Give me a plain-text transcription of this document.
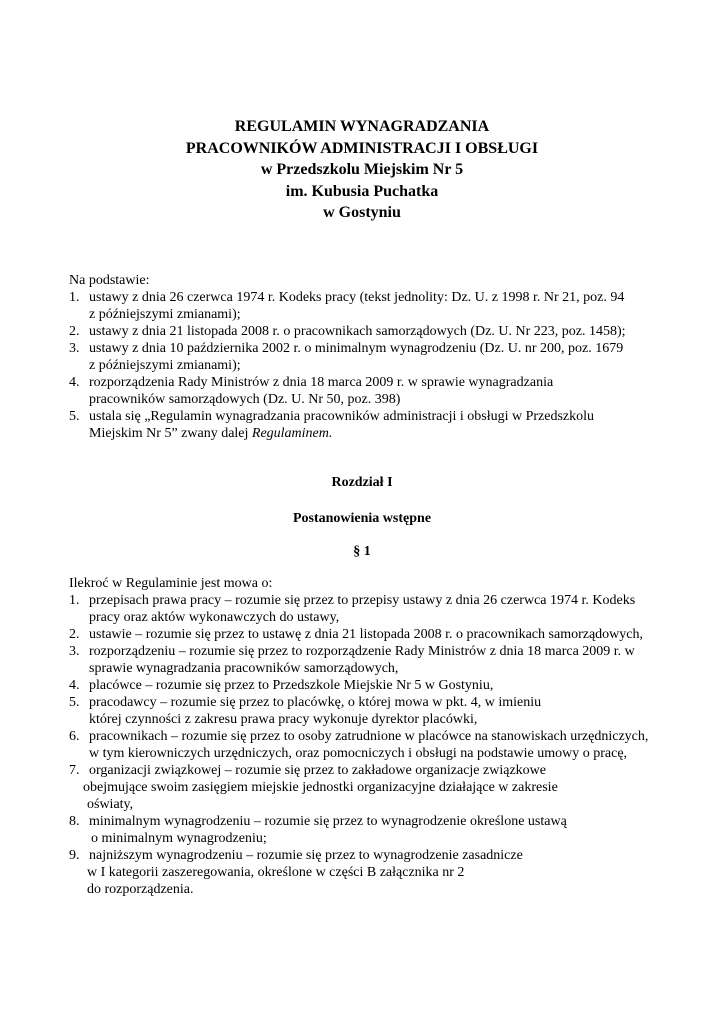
REGULAMIN WYNAGRADZANIA
PRACOWNIKÓW ADMINISTRACJI I OBSŁUGI
w Przedszkolu Miejskim Nr 5
im. Kubusia Puchatka
w Gostyniu
Na podstawie:
1. ustawy z dnia 26 czerwca 1974 r. Kodeks pracy (tekst jednolity: Dz. U. z 1998 r. Nr 21, poz. 94
z późniejszymi zmianami);
2. ustawy z dnia 21 listopada 2008 r. o pracownikach samorządowych (Dz. U. Nr 223, poz. 1458);
3. ustawy z dnia 10 października 2002 r. o minimalnym wynagrodzeniu (Dz. U. nr 200, poz. 1679
z późniejszymi zmianami);
4. rozporządzenia Rady Ministrów z dnia 18 marca 2009 r. w sprawie wynagradzania
pracowników samorządowych (Dz. U. Nr 50, poz. 398)
5. ustala się „Regulamin wynagradzania pracowników administracji i obsługi w Przedszkolu
Miejskim Nr 5” zwany dalej Regulaminem.
Rozdział I
Postanowienia wstępne
§ 1
Ilekroć w Regulaminie jest mowa o:
1. przepisach prawa pracy – rozumie się przez to przepisy ustawy z dnia 26 czerwca 1974 r. Kodeks
pracy oraz aktów wykonawczych do ustawy,
2. ustawie – rozumie się przez to ustawę z dnia 21 listopada 2008 r. o pracownikach samorządowych,
3. rozporządzeniu – rozumie się przez to rozporządzenie Rady Ministrów z dnia 18 marca 2009 r. w
sprawie wynagradzania pracowników samorządowych,
4. placówce – rozumie się przez to Przedszkole Miejskie Nr 5 w Gostyniu,
5. pracodawcy – rozumie się przez to placówkę, o której mowa w pkt. 4, w imieniu
której czynności z zakresu prawa pracy wykonuje dyrektor placówki,
6. pracownikach – rozumie się przez to osoby zatrudnione w placówce na stanowiskach urzędniczych,
w tym kierowniczych urzędniczych, oraz pomocniczych i obsługi na podstawie umowy o pracę,
7. organizacji związkowej – rozumie się przez to zakładowe organizacje związkowe
obejmujące swoim zasięgiem miejskie jednostki organizacyjne działające w zakresie
oświaty,
8. minimalnym wynagrodzeniu – rozumie się przez to wynagrodzenie określone ustawą
o minimalnym wynagrodzeniu;
9. najniższym wynagrodzeniu – rozumie się przez to wynagrodzenie zasadnicze
w I kategorii zaszeregowania, określone w części B załącznika nr 2
do rozporządzenia.
